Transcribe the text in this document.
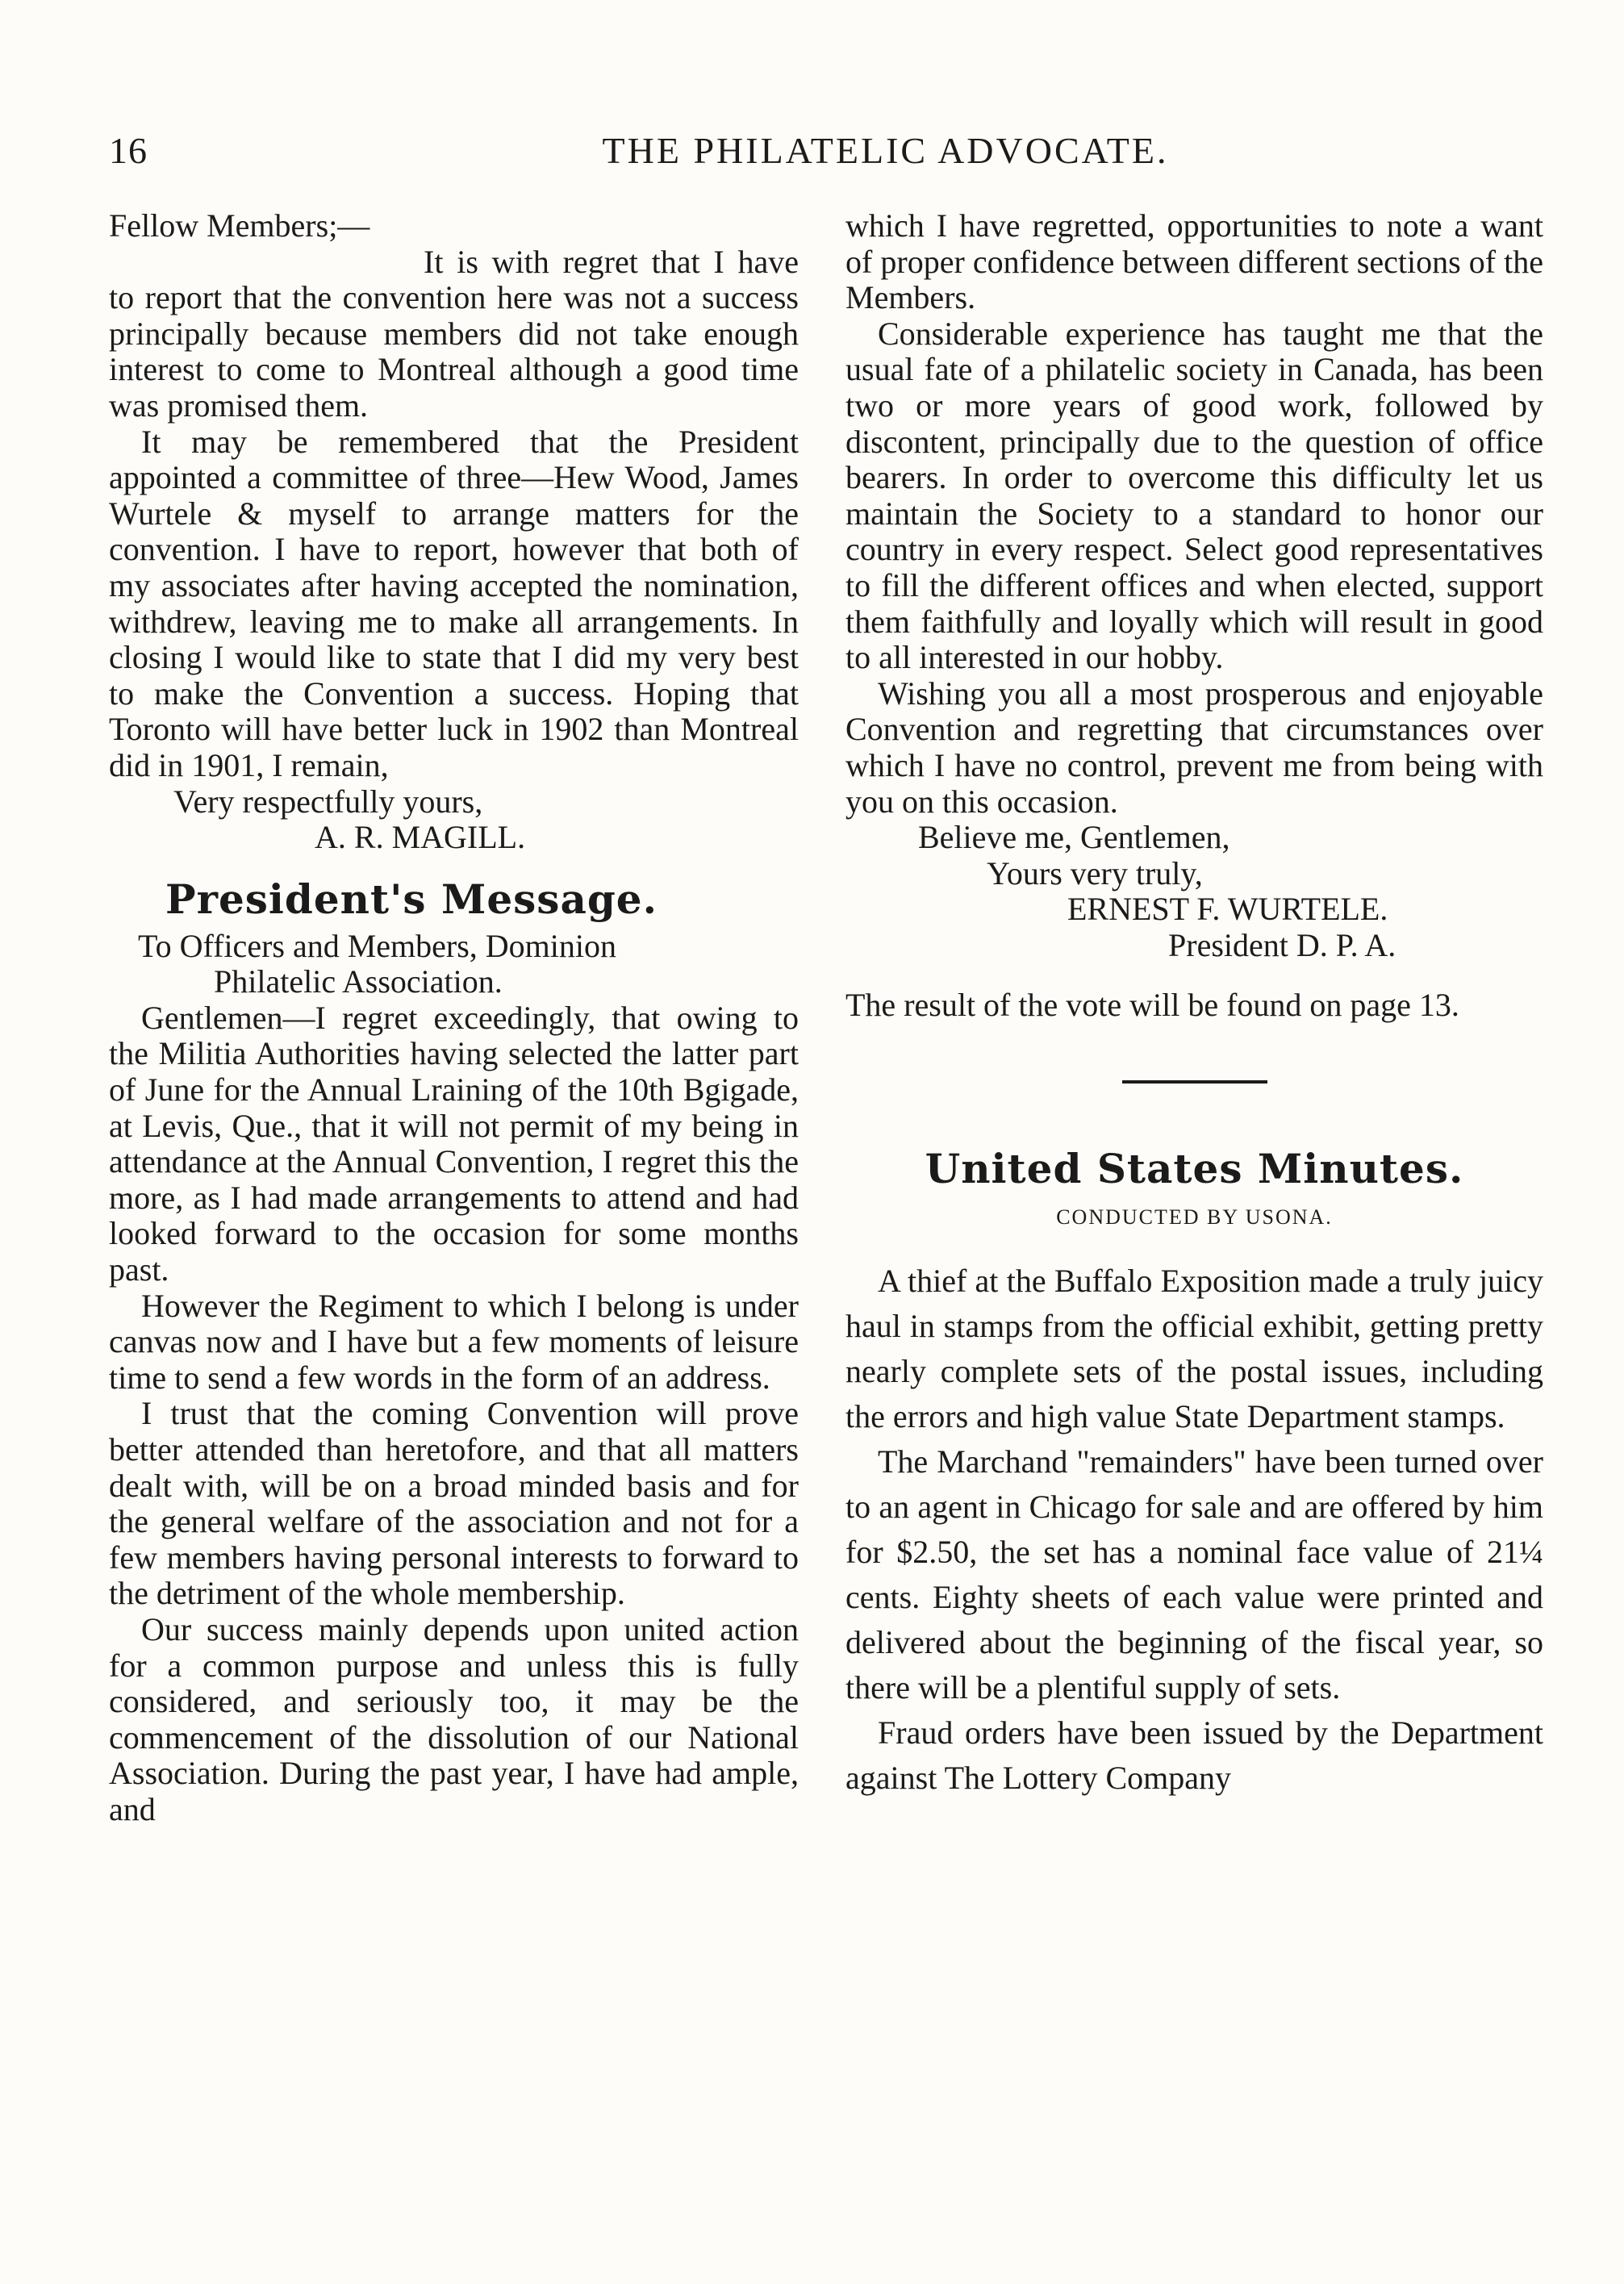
16	THE PHILATELIC ADVOCATE.

Fellow Members;—

It is with regret that I have to report that the convention here was not a success principally because members did not take enough interest to come to Montreal although a good time was promised them.

It may be remembered that the President appointed a committee of three—Hew Wood, James Wurtele & myself to arrange matters for the convention. I have to report, however that both of my associates after having accepted the nomination, withdrew, leaving me to make all arrangements. In closing I would like to state that I did my very best to make the Convention a success. Hoping that Toronto will have better luck in 1902 than Montreal did in 1901, I remain,

Very respectfully yours,

A. R. MAGILL.

President's Message.

To Officers and Members, Dominion

Philatelic Association.

Gentlemen—I regret exceedingly, that owing to the Militia Authorities having selected the latter part of June for the Annual Lraining of the 10th Bgigade, at Levis, Que., that it will not permit of my being in attendance at the Annual Convention, I regret this the more, as I had made arrangements to attend and had looked forward to the occasion for some months past.

However the Regiment to which I belong is under canvas now and I have but a few moments of leisure time to send a few words in the form of an address.

I trust that the coming Convention will prove better attended than heretofore, and that all matters dealt with, will be on a broad minded basis and for the general welfare of the association and not for a few members having personal interests to forward to the detriment of the whole membership.

Our success mainly depends upon united action for a common purpose and unless this is fully considered, and seriously too, it may be the commencement of the dissolution of our National Association. During the past year, I have had ample, and

which I have regretted, opportunities to note a want of proper confidence between different sections of the Members.

Considerable experience has taught me that the usual fate of a philatelic society in Canada, has been two or more years of good work, followed by discontent, principally due to the question of office bearers. In order to overcome this difficulty let us maintain the Society to a standard to honor our country in every respect. Select good representatives to fill the different offices and when elected, support them faithfully and loyally which will result in good to all interested in our hobby.

Wishing you all a most prosperous and enjoyable Convention and regretting that circumstances over which I have no control, prevent me from being with you on this occasion.

Believe me, Gentlemen,

Yours very truly,

ERNEST F. WURTELE.

President D. P. A.

The result of the vote will be found on page 13.

United States Minutes.

CONDUCTED BY USONA.

A thief at the Buffalo Exposition made a truly juicy haul in stamps from the official exhibit, getting pretty nearly complete sets of the postal issues, including the errors and high value State Department stamps.

The Marchand "remainders" have been turned over to an agent in Chicago for sale and are offered by him for $2.50, the set has a nominal face value of 21¼ cents. Eighty sheets of each value were printed and delivered about the beginning of the fiscal year, so there will be a plentiful supply of sets.

Fraud orders have been issued by the Department against The Lottery Company
